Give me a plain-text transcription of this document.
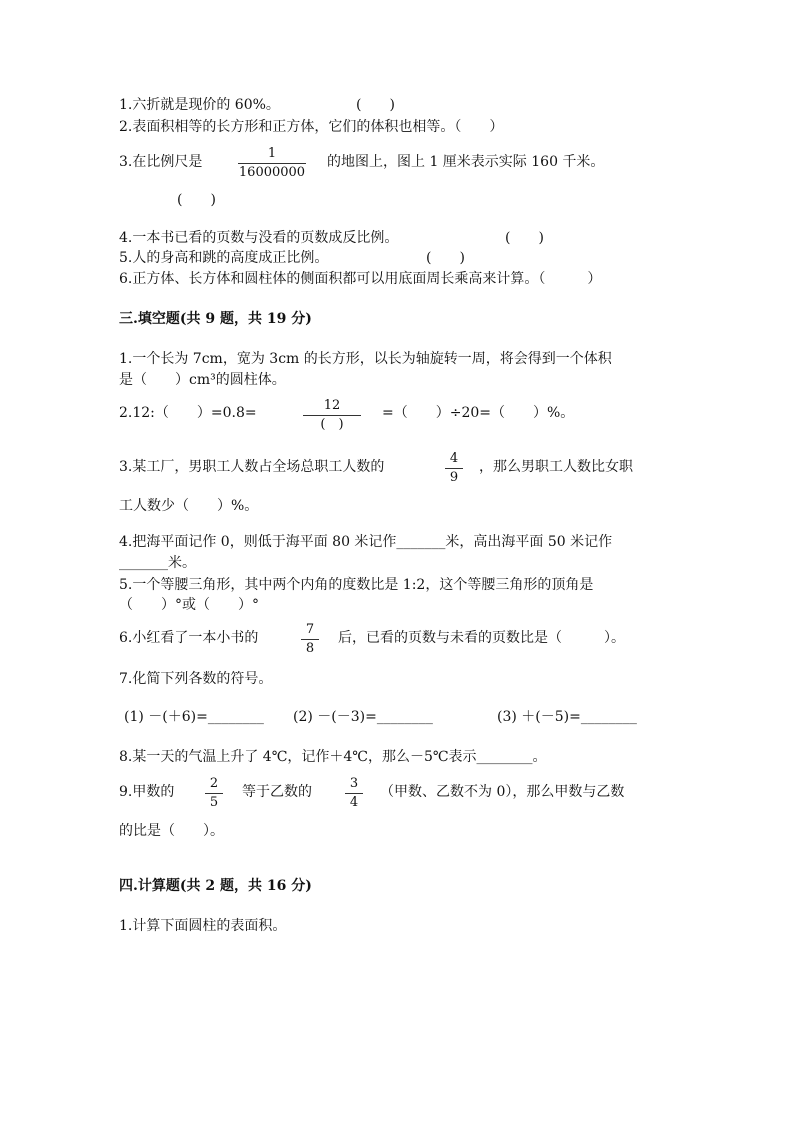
1.六折就是现价的 60%。	(　　)
2.表面积相等的长方形和正方体，它们的体积也相等。（　　）
3.在比例尺是
1
16000000
的地图上，图上 1 厘米表示实际 160 千米。
(　　)
4.一本书已看的页数与没看的页数成反比例。	(　　)
5.人的身高和跳的高度成正比例。	(　　)
6.正方体、长方体和圆柱体的侧面积都可以用底面周长乘高来计算。（　　　）
三.填空题(共 9 题，共 19 分)
1.一个长为 7cm，宽为 3cm 的长方形，以长为轴旋转一周，将会得到一个体积
是（　　）cm³的圆柱体。
2.12:（　　）=0.8=	12
(　)
=（　　）÷20=（　　）%。
3.某工厂，男职工人数占全场总职工人数的
4
9
，那么男职工人数比女职
工人数少（　　）%。
4.把海平面记作 0，则低于海平面 80 米记作_______米，高出海平面 50 米记作
_______米。
5.一个等腰三角形，其中两个内角的度数比是 1:2，这个等腰三角形的顶角是
（　　）°或（　　）°
6.小红看了一本小书的
7
8
后，已看的页数与未看的页数比是（　　　）。
7.化简下列各数的符号。
(1) －(＋6)=________ (2) －(－3)=________	(3) ＋(－5)=________
8.某一天的气温上升了 4℃，记作＋4℃，那么－5℃表示________。
9.甲数的
2
5
等于乙数的
3
4
（甲数、乙数不为 0），那么甲数与乙数
的比是（　　）。
四.计算题(共 2 题，共 16 分)
1.计算下面圆柱的表面积。
